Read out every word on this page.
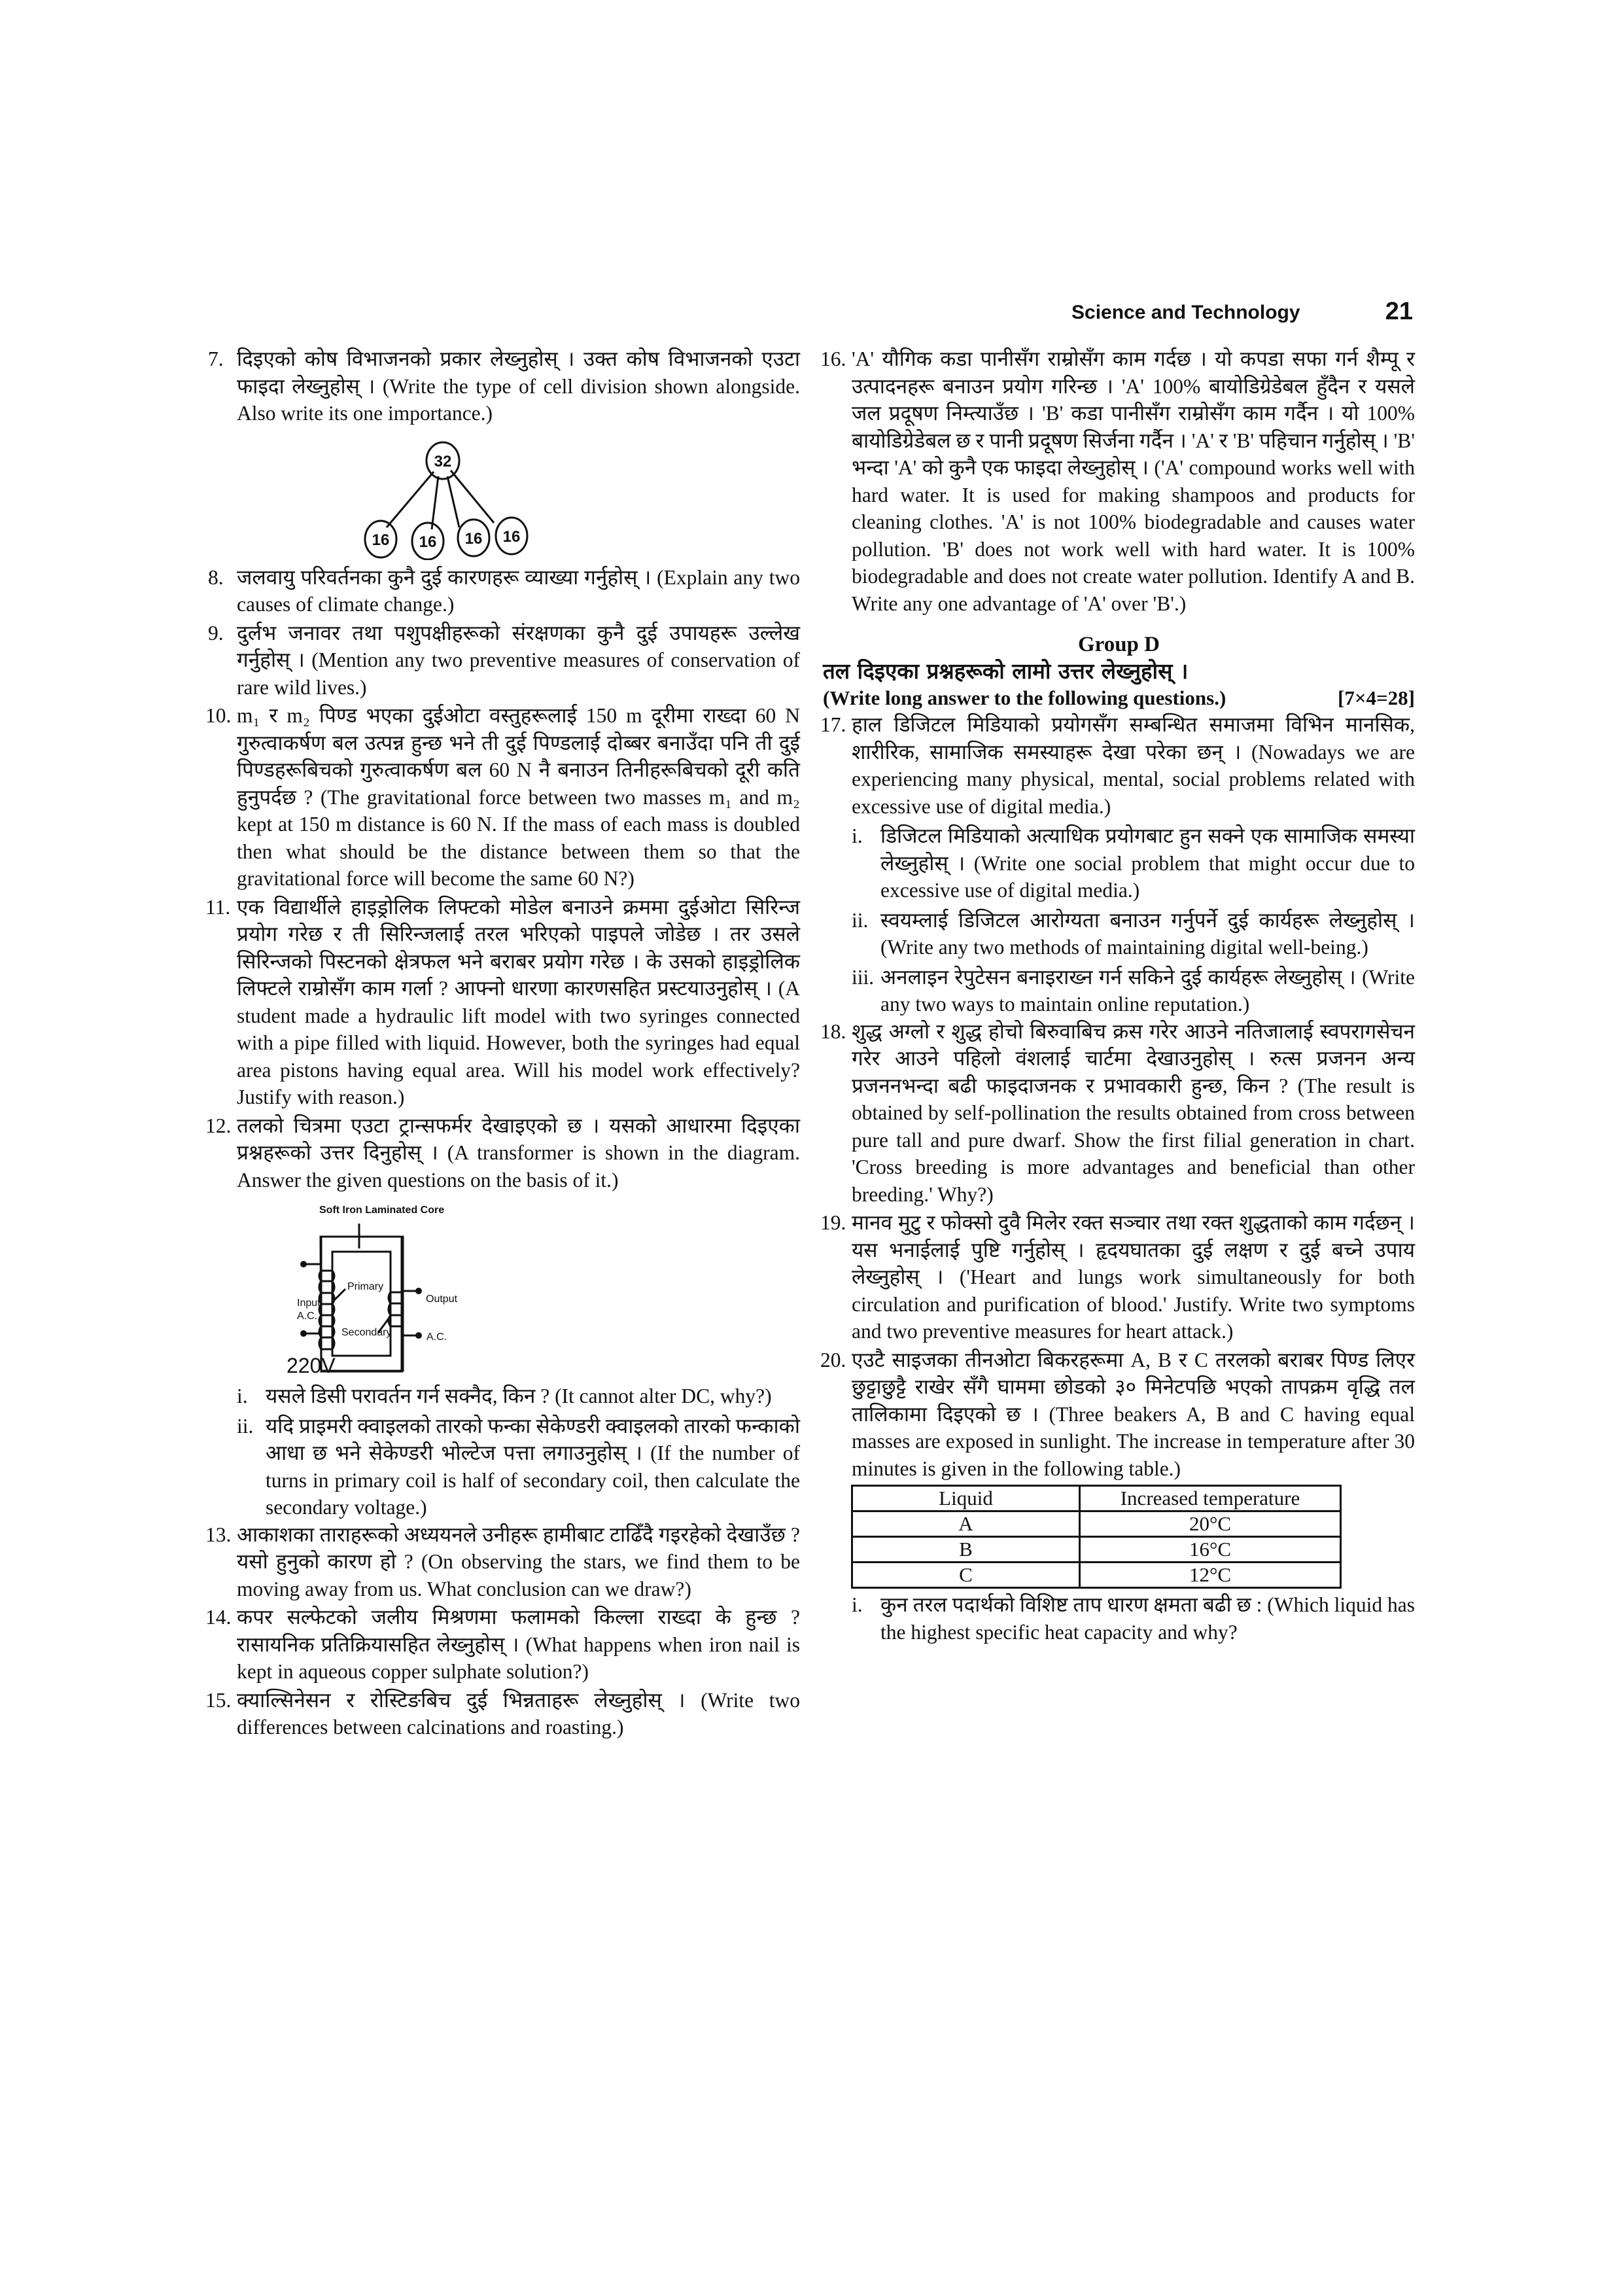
Science and Technology	21
7. दिइएको कोष विभाजनको प्रकार लेख्नुहोस् । उक्त कोष विभाजनको एउटा फाइदा लेख्नुहोस् । (Write the type of cell division shown alongside. Also write its one importance.)
32
16 16 16 16
8. जलवायु परिवर्तनका कुनै दुई कारणहरू व्याख्या गर्नुहोस् । (Explain any two causes of climate change.)
9. दुर्लभ जनावर तथा पशुपक्षीहरूको संरक्षणका कुनै दुई उपायहरू उल्लेख गर्नुहोस् । (Mention any two preventive measures of conservation of rare wild lives.)
10. m₁ र m₂ पिण्ड भएका दुईओटा वस्तुहरूलाई 150 m दूरीमा राख्दा 60 N गुरुत्वाकर्षण बल उत्पन्न हुन्छ भने ती दुई पिण्डलाई दोब्बर बनाउँदा पनि ती दुई पिण्डहरूबिचको गुरुत्वाकर्षण बल 60 N नै बनाउन तिनीहरूबिचको दूरी कति हुनुपर्दछ ? (The gravitational force between two masses m₁ and m₂ kept at 150 m distance is 60 N. If the mass of each mass is doubled then what should be the distance between them so that the gravitational force will become the same 60 N?)
11. एक विद्यार्थीले हाइड्रोलिक लिफ्टको मोडेल बनाउने क्रममा दुईओटा सिरिन्ज प्रयोग गरेछ र ती सिरिन्जलाई तरल भरिएको पाइपले जोडेछ । तर उसले सिरिन्जको पिस्टनको क्षेत्रफल भने बराबर प्रयोग गरेछ । के उसको हाइड्रोलिक लिफ्टले राम्रोसँग काम गर्ला ? आफ्नो धारणा कारणसहित प्रस्टयाउनुहोस् । (A student made a hydraulic lift model with two syringes connected with a pipe filled with liquid. However, both the syringes had equal area pistons having equal area. Will his model work effectively? Justify with reason.)
12. तलको चित्रमा एउटा ट्रान्सफर्मर देखाइएको छ । यसको आधारमा दिइएका प्रश्नहरूको उत्तर दिनुहोस् । (A transformer is shown in the diagram. Answer the given questions on the basis of it.)
Soft Iron Laminated Core
Primary
Secondary
Input
A.C.
Output
A.C.
220V
i. यसले डिसी परावर्तन गर्न सक्नैद, किन ? (It cannot alter DC, why?)
ii. यदि प्राइमरी क्वाइलको तारको फन्का सेकेण्डरी क्वाइलको तारको फन्काको आधा छ भने सेकेण्डरी भोल्टेज पत्ता लगाउनुहोस् । (If the number of turns in primary coil is half of secondary coil, then calculate the secondary voltage.)
13. आकाशका ताराहरूको अध्ययनले उनीहरू हामीबाट टाढिँदै गइरहेको देखाउँछ ? यसो हुनुको कारण हो ? (On observing the stars, we find them to be moving away from us. What conclusion can we draw?)
14. कपर सल्फेटको जलीय मिश्रणमा फलामको किल्ला राख्दा के हुन्छ ? रासायनिक प्रतिक्रियासहित लेख्नुहोस् । (What happens when iron nail is kept in aqueous copper sulphate solution?)
15. क्याल्सिनेसन र रोस्टिङबिच दुई भिन्नताहरू लेख्नुहोस् । (Write two differences between calcinations and roasting.)
16. 'A' यौगिक कडा पानीसँग राम्रोसँग काम गर्दछ । यो कपडा सफा गर्न शैम्पू र उत्पादनहरू बनाउन प्रयोग गरिन्छ । 'A' 100% बायोडिग्रेडेबल हुँदैन र यसले जल प्रदूषण निम्त्याउँछ । 'B' कडा पानीसँग राम्रोसँग काम गर्दैन । यो 100% बायोडिग्रेडेबल छ र पानी प्रदूषण सिर्जना गर्दैन । 'A' र 'B' पहिचान गर्नुहोस् । 'B' भन्दा 'A' को कुनै एक फाइदा लेख्नुहोस् । ('A' compound works well with hard water. It is used for making shampoos and products for cleaning clothes. 'A' is not 100% biodegradable and causes water pollution. 'B' does not work well with hard water. It is 100% biodegradable and does not create water pollution. Identify A and B. Write any one advantage of 'A' over 'B'.)
Group D
तल दिइएका प्रश्नहरूको लामो उत्तर लेख्नुहोस् ।
(Write long answer to the following questions.)	[7×4=28]
17. हाल डिजिटल मिडियाको प्रयोगसँग सम्बन्धित समाजमा विभिन मानसिक, शारीरिक, सामाजिक समस्याहरू देखा परेका छन् । (Nowadays we are experiencing many physical, mental, social problems related with excessive use of digital media.)
i. डिजिटल मिडियाको अत्याधिक प्रयोगबाट हुन सक्ने एक सामाजिक समस्या लेख्नुहोस् । (Write one social problem that might occur due to excessive use of digital media.)
ii. स्वयम्लाई डिजिटल आरोग्यता बनाउन गर्नुपर्ने दुई कार्यहरू लेख्नुहोस् । (Write any two methods of maintaining digital well-being.)
iii. अनलाइन रेपुटेसन बनाइराख्न गर्न सकिने दुई कार्यहरू लेख्नुहोस् । (Write any two ways to maintain online reputation.)
18. शुद्ध अग्लो र शुद्ध होचो बिरुवाबिच क्रस गरेर आउने नतिजालाई स्वपरागसेचन गरेर आउने पहिलो वंशलाई चार्टमा देखाउनुहोस् । रुत्स प्रजनन अन्य प्रजननभन्दा बढी फाइदाजनक र प्रभावकारी हुन्छ, किन ? (The result is obtained by self-pollination the results obtained from cross between pure tall and pure dwarf. Show the first filial generation in chart. 'Cross breeding is more advantages and beneficial than other breeding.' Why?)
19. मानव मुटु र फोक्सो दुवै मिलेर रक्त सञ्चार तथा रक्त शुद्धताको काम गर्दछन् । यस भनाईलाई पुष्टि गर्नुहोस् । हृदयघातका दुई लक्षण र दुई बच्ने उपाय लेख्नुहोस् । ('Heart and lungs work simultaneously for both circulation and purification of blood.' Justify. Write two symptoms and two preventive measures for heart attack.)
20. एउटै साइजका तीनओटा बिकरहरूमा A, B र C तरलको बराबर पिण्ड लिएर छुट्टाछुट्टै राखेर सँगै घाममा छोडको ३० मिनेटपछि भएको तापक्रम वृद्धि तल तालिकामा दिइएको छ । (Three beakers A, B and C having equal masses are exposed in sunlight. The increase in temperature after 30 minutes is given in the following table.)
Liquid	Increased temperature
A	20°C
B	16°C
C	12°C
i. कुन तरल पदार्थको विशिष्ट ताप धारण क्षमता बढी छ : (Which liquid has the highest specific heat capacity and why?
